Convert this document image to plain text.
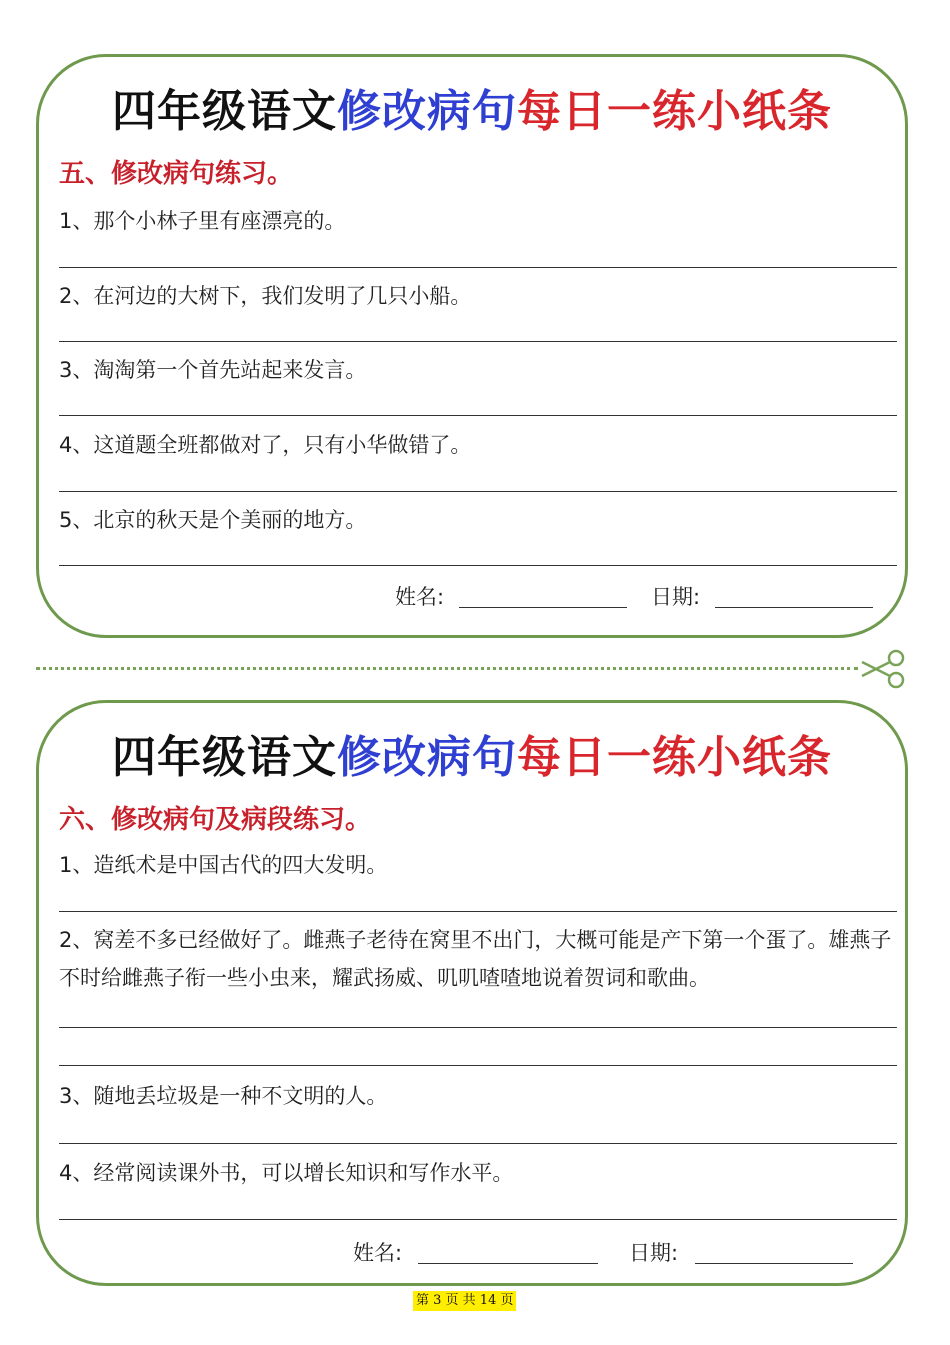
四年级语文修改病句每日一练小纸条
五、修改病句练习。
1、那个小林子里有座漂亮的。
2、在河边的大树下，我们发明了几只小船。
3、淘淘第一个首先站起来发言。
4、这道题全班都做对了，只有小华做错了。
5、北京的秋天是个美丽的地方。
姓名:	日期:
四年级语文修改病句每日一练小纸条
六、修改病句及病段练习。
1、造纸术是中国古代的四大发明。
2、窝差不多已经做好了。雌燕子老待在窝里不出门，大概可能是产下第一个蛋了。雄燕子不时给雌燕子衔一些小虫来，耀武扬威、叽叽喳喳地说着贺词和歌曲。
3、随地丢垃圾是一种不文明的人。
4、经常阅读课外书，可以增长知识和写作水平。
姓名:	日期:
第 3 页 共 14 页
